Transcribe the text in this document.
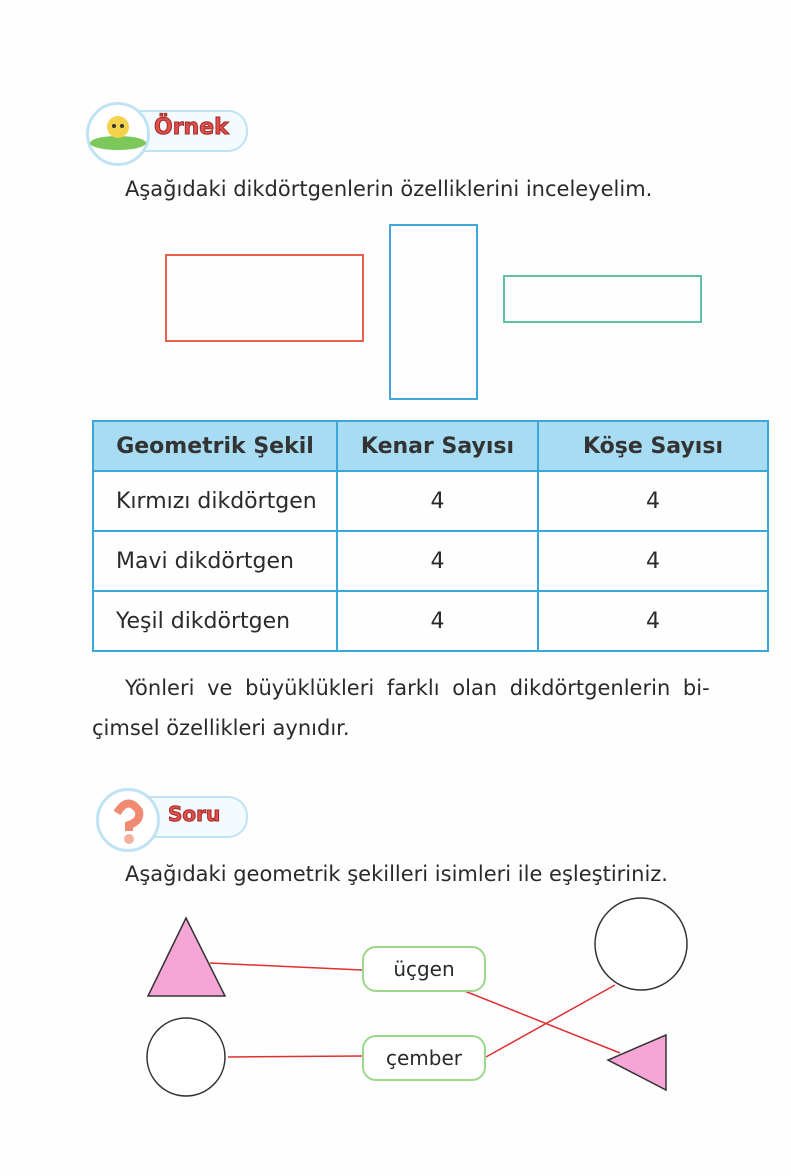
Örnek
Aşağıdaki dikdörtgenlerin özelliklerini inceleyelim.
Geometrik Şekil	Kenar Sayısı	Köşe Sayısı
Kırmızı dikdörtgen	4	4
Mavi dikdörtgen	4	4
Yeşil dikdörtgen	4	4
Yönleri ve büyüklükleri farklı olan dikdörtgenlerin bi-
çimsel özellikleri aynıdır.
Soru
Aşağıdaki geometrik şekilleri isimleri ile eşleştiriniz.
üçgen
çember
